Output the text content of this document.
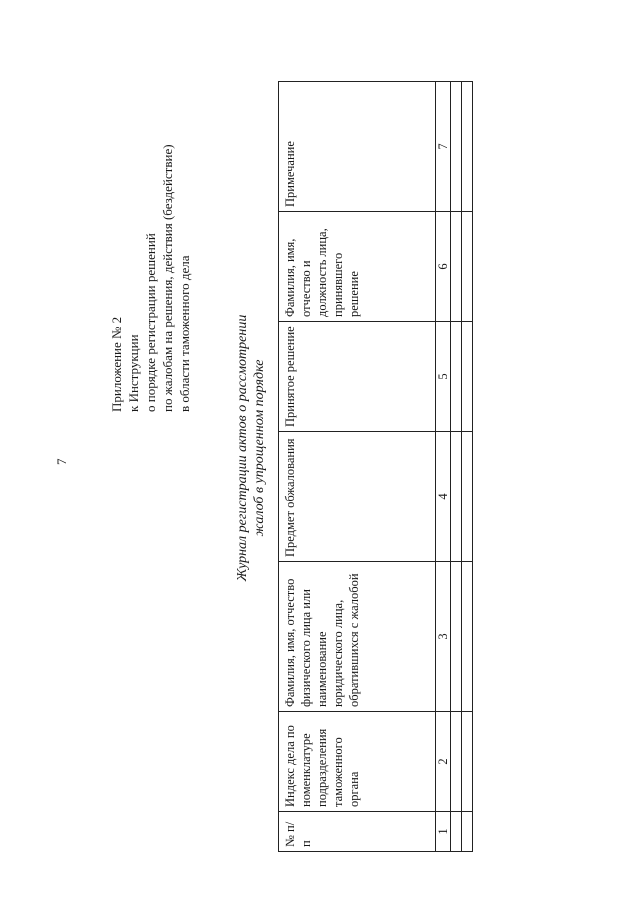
7
Приложение № 2 к Инструкции о порядке регистрации решений по жалобам на решения, действия (бездействие) в области таможенного дела	Журнал регистрации актов о рассмотрении жалоб в упрощенном порядке
№ п/п	Индекс дела по номенклатуре подразделения таможенного органа	Фамилия, имя, отчество физического лица или наименование юридического лица, обратившихся с жалобой	Предмет обжалования	Принятое решение	Фамилия, имя, отчество и должность лица, принявшего решение	Примечание
1	2	3	4	5	6	7
